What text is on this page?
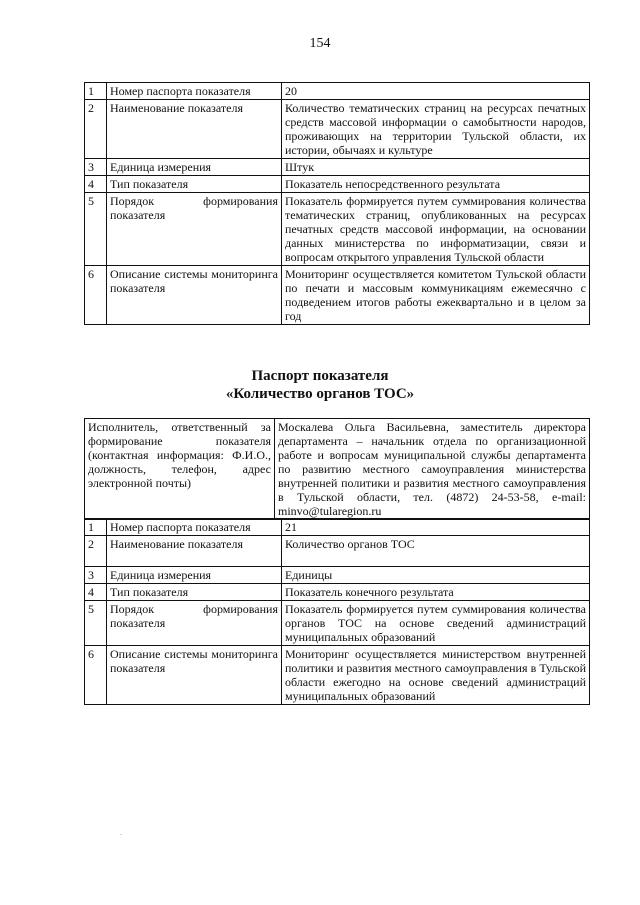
154
1	Номер паспорта показателя	20
2	Наименование показателя	Количество тематических страниц на ресурсах печатных средств массовой информации о самобытности народов, проживающих на территории Тульской области, их истории, обычаях и культуре
3	Единица измерения	Штук
4	Тип показателя	Показатель непосредственного результата
5	Порядок формирования показателя	Показатель формируется путем суммирования количества тематических страниц, опубликованных на ресурсах печатных средств массовой информации, на основании данных министерства по информатизации, связи и вопросам открытого управления Тульской области
6	Описание системы мониторинга показателя	Мониторинг осуществляется комитетом Тульской области по печати и массовым коммуникациям ежемесячно с подведением итогов работы ежеквартально и в целом за год
Паспорт показателя
«Количество органов ТОС»
Исполнитель, ответственный за формирование показателя (контактная информация: Ф.И.О., должность, телефон, адрес электронной почты)	Москалева Ольга Васильевна, заместитель директора департамента – начальник отдела по организационной работе и вопросам муниципальной службы департамента по развитию местного самоуправления министерства внутренней политики и развития местного самоуправления в Тульской области, тел. (4872) 24-53-58, e-mail: minvo@tularegion.ru
1	Номер паспорта показателя	21
2	Наименование показателя	Количество органов ТОС
3	Единица измерения	Единицы
4	Тип показателя	Показатель конечного результата
5	Порядок формирования показателя	Показатель формируется путем суммирования количества органов ТОС на основе сведений администраций муниципальных образований
6	Описание системы мониторинга показателя	Мониторинг осуществляется министерством внутренней политики и развития местного самоуправления в Тульской области ежегодно на основе сведений администраций муниципальных образований
.
